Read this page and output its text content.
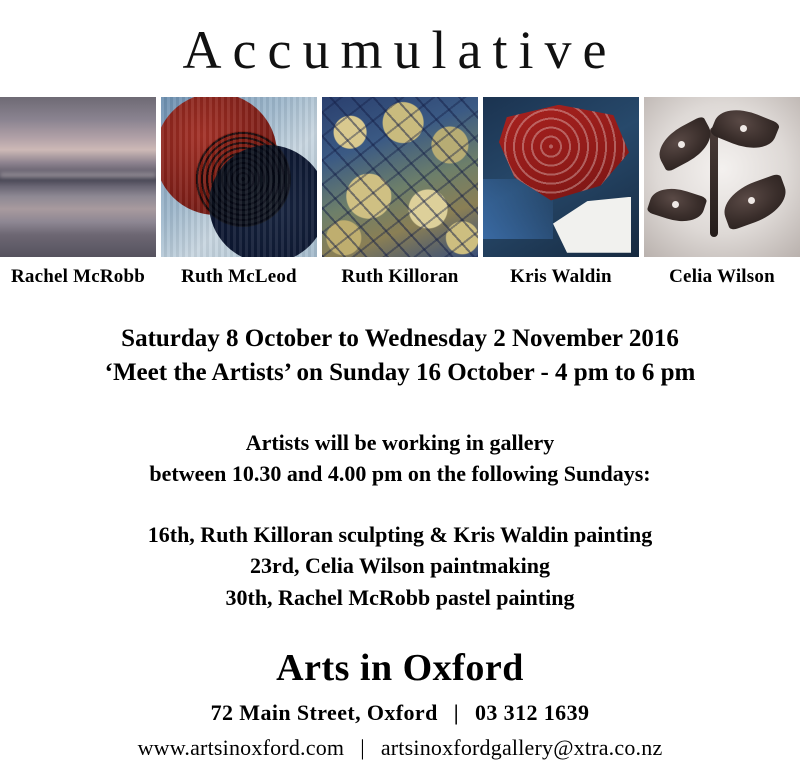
Accumulative
Rachel McRobb	Ruth McLeod	Ruth Killoran	Kris Waldin	Celia Wilson
Saturday 8 October to Wednesday 2 November 2016
‘Meet the Artists’ on Sunday 16 October - 4 pm to 6 pm
Artists will be working in gallery
between 10.30 and 4.00 pm on the following Sundays:
16th, Ruth Killoran sculpting & Kris Waldin painting
23rd, Celia Wilson paintmaking
30th, Rachel McRobb pastel painting
Arts in Oxford
72 Main Street, Oxford | 03 312 1639
www.artsinoxford.com | artsinoxfordgallery@xtra.co.nz
